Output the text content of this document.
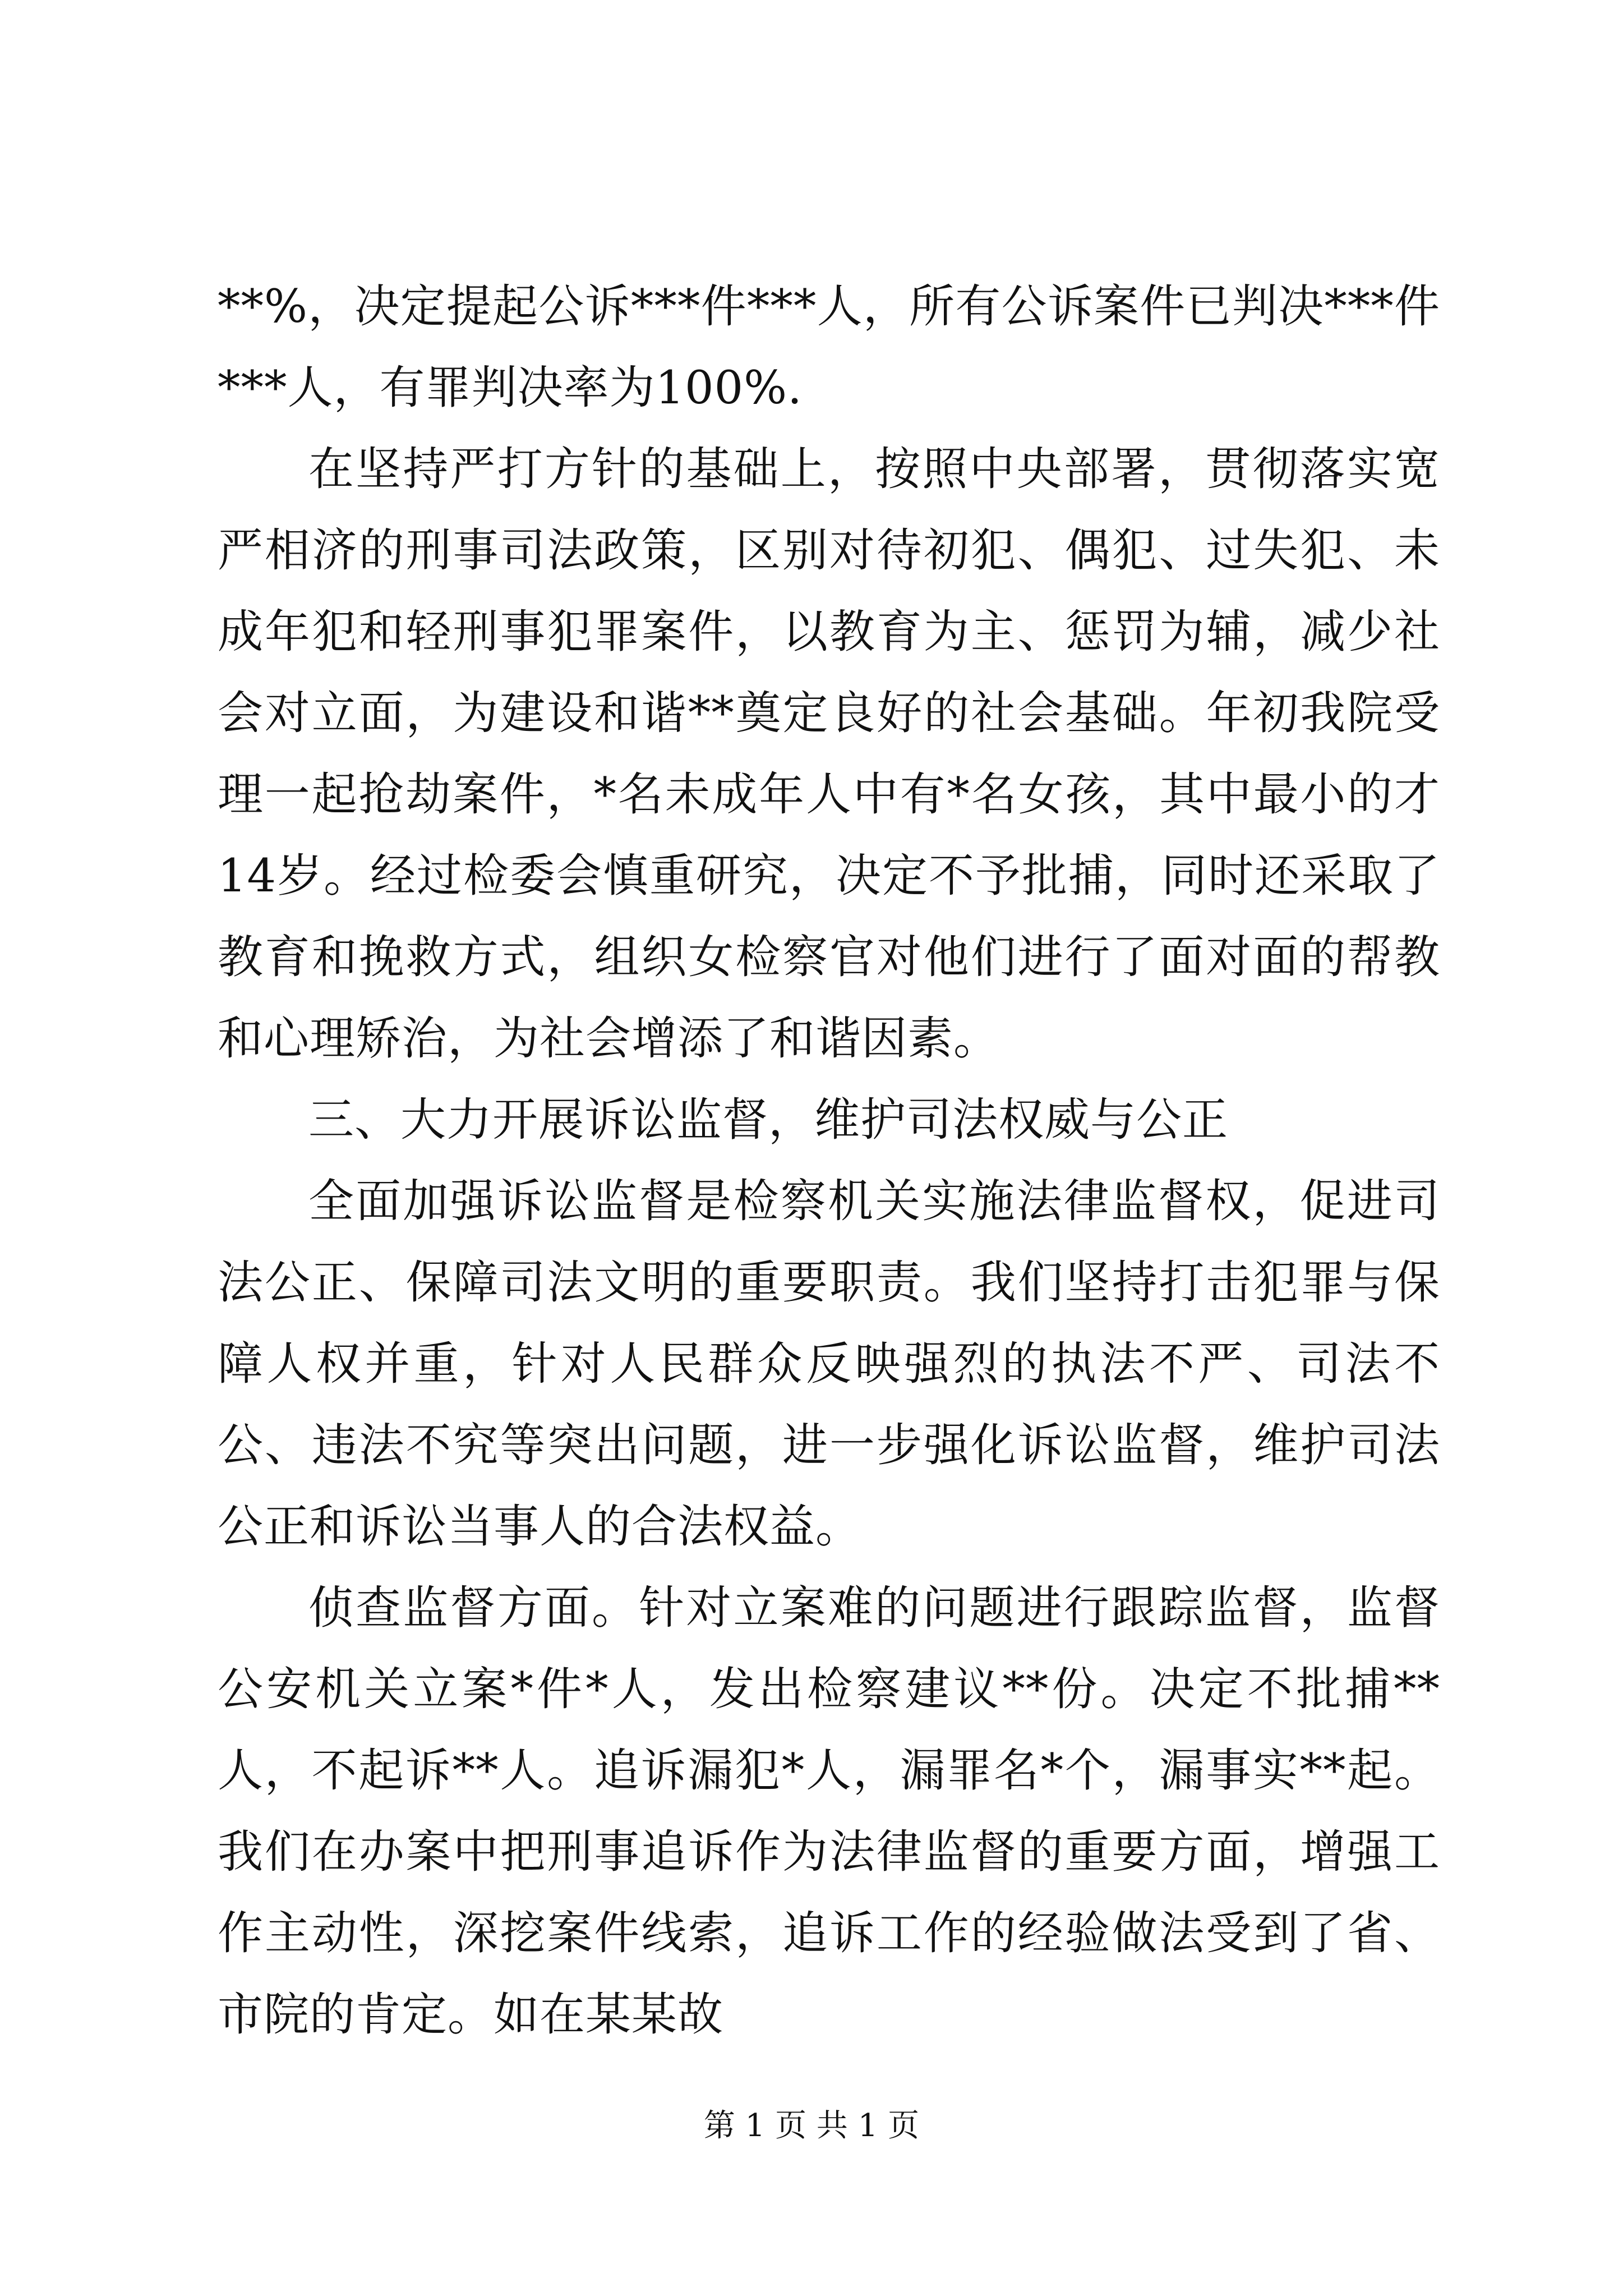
**%，决定提起公诉***件***人，所有公诉案件已判决***件***人，有罪判决率为100%.

在坚持严打方针的基础上，按照中央部署，贯彻落实宽严相济的刑事司法政策，区别对待初犯、偶犯、过失犯、未成年犯和轻刑事犯罪案件，以教育为主、惩罚为辅，减少社会对立面，为建设和谐**奠定良好的社会基础。年初我院受理一起抢劫案件，*名未成年人中有*名女孩，其中最小的才14岁。经过检委会慎重研究，决定不予批捕，同时还采取了教育和挽救方式，组织女检察官对他们进行了面对面的帮教和心理矫治，为社会增添了和谐因素。

三、大力开展诉讼监督，维护司法权威与公正

全面加强诉讼监督是检察机关实施法律监督权，促进司法公正、保障司法文明的重要职责。我们坚持打击犯罪与保障人权并重，针对人民群众反映强烈的执法不严、司法不公、违法不究等突出问题，进一步强化诉讼监督，维护司法公正和诉讼当事人的合法权益。

侦查监督方面。针对立案难的问题进行跟踪监督，监督公安机关立案*件*人，发出检察建议**份。决定不批捕**人，不起诉**人。追诉漏犯*人，漏罪名*个，漏事实**起。我们在办案中把刑事追诉作为法律监督的重要方面，增强工作主动性，深挖案件线索，追诉工作的经验做法受到了省、市院的肯定。如在某某故

第 1 页 共 1 页
